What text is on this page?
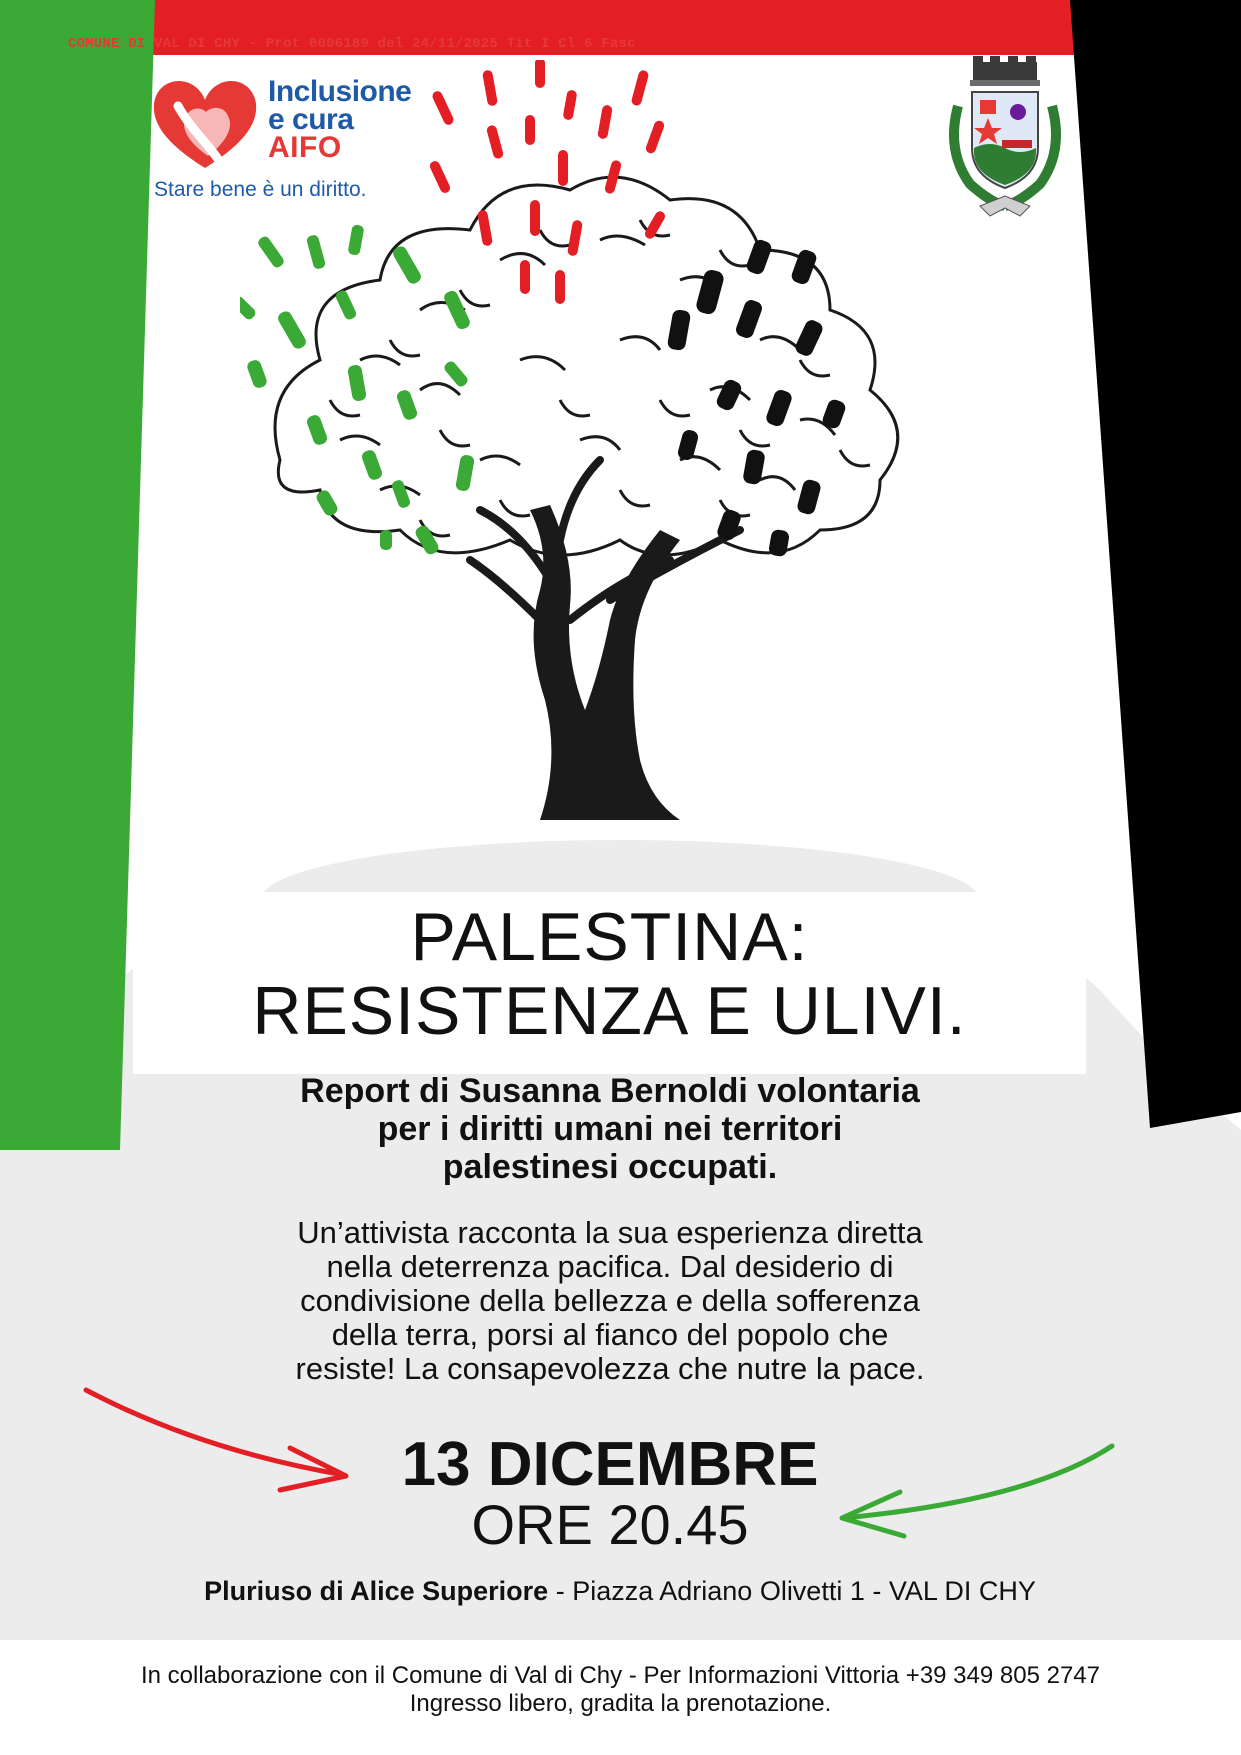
COMUNE DI VAL DI CHY - Prot 0006189 del 24/11/2025 Tit I Cl 6 Fasc
Inclusione
e cura
AIFO
Stare bene è un diritto.
PALESTINA:
RESISTENZA E ULIVI.
Report di Susanna Bernoldi volontaria
per i diritti umani nei territori
palestinesi occupati.
Un’attivista racconta la sua esperienza diretta
nella deterrenza pacifica. Dal desiderio di
condivisione della bellezza e della sofferenza
della terra, porsi al fianco del popolo che
resiste! La consapevolezza che nutre la pace.
13 DICEMBRE
ORE 20.45
Pluriuso di Alice Superiore - Piazza Adriano Olivetti 1 - VAL DI CHY
In collaborazione con il Comune di Val di Chy - Per Informazioni Vittoria +39 349 805 2747
Ingresso libero, gradita la prenotazione.
